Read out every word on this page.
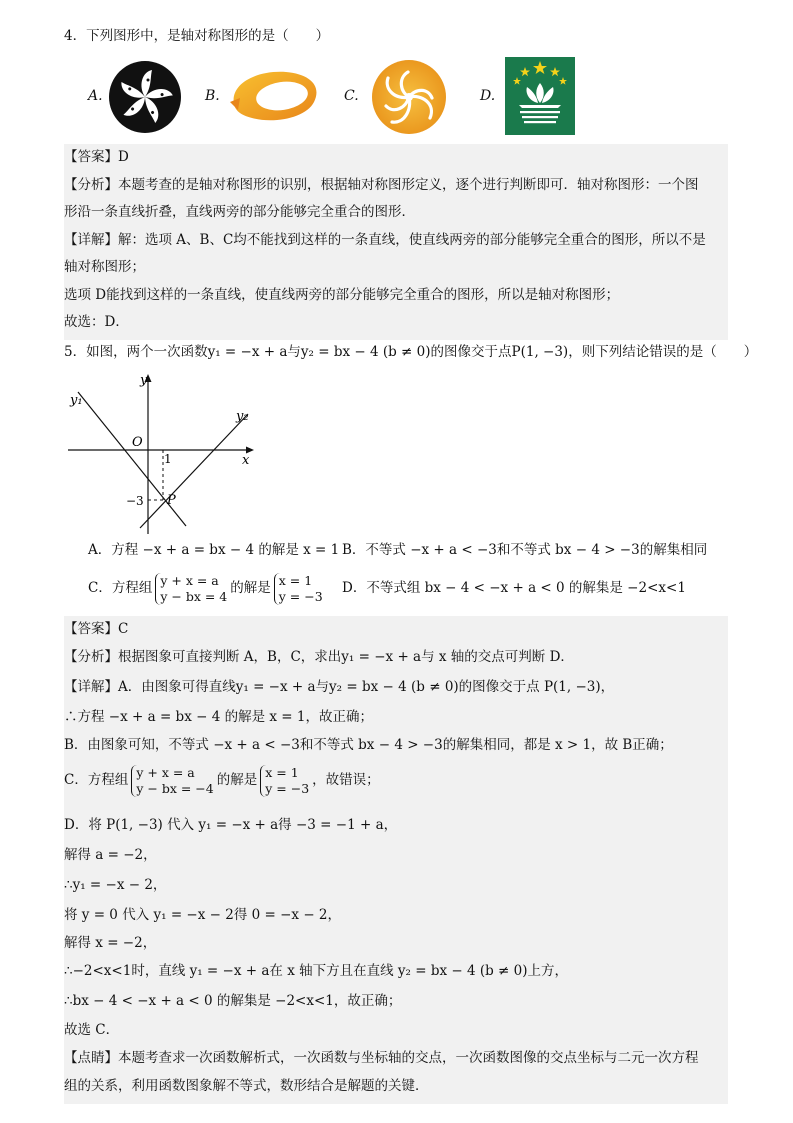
4．下列图形中，是轴对称图形的是（　　）
A.	B.	C.	D.
【答案】D
【分析】本题考查的是轴对称图形的识别，根据轴对称图形定义，逐个进行判断即可．轴对称图形：一个图
形沿一条直线折叠，直线两旁的部分能够完全重合的图形．
【详解】解：选项 A、B、C均不能找到这样的一条直线，使直线两旁的部分能够完全重合的图形，所以不是
轴对称图形；
选项 D能找到这样的一条直线，使直线两旁的部分能够完全重合的图形，所以是轴对称图形；
故选：D．
5．如图，两个一次函数y₁ = −x + a与y₂ = bx − 4 (b ≠ 0)的图像交于点P(1, −3)，则下列结论错误的是（　　）
y
x
O
y₁
y₂
1
−3 P
A．方程 −x + a = bx − 4 的解是 x = 1 B．不等式 −x + a < −3和不等式 bx − 4 > −3的解集相同
C．方程组 y + x = a
y − bx = 4 的解是 x = 1
y = −3 D．不等式组 bx − 4 < −x + a < 0 的解集是 −2<x<1
【答案】C
【分析】根据图象可直接判断 A，B，C，求出y₁ = −x + a与 x 轴的交点可判断 D．
【详解】A．由图象可得直线y₁ = −x + a与y₂ = bx − 4 (b ≠ 0)的图像交于点 P(1, −3)，
∴方程 −x + a = bx − 4 的解是 x = 1，故正确；
B．由图象可知，不等式 −x + a < −3和不等式 bx − 4 > −3的解集相同，都是 x > 1，故 B正确；
C．方程组 y + x = a
y − bx = −4 的解是 x = 1
y = −3 ，故错误；
D．将 P(1, −3) 代入 y₁ = −x + a得 −3 = −1 + a，
解得 a = −2，
∴y₁ = −x − 2，
将 y = 0 代入 y₁ = −x − 2得 0 = −x − 2，
解得 x = −2，
∴−2<x<1时，直线 y₁ = −x + a在 x 轴下方且在直线 y₂ = bx − 4 (b ≠ 0)上方，
∴bx − 4 < −x + a < 0 的解集是 −2<x<1，故正确；
故选 C．
【点睛】本题考查求一次函数解析式，一次函数与坐标轴的交点，一次函数图像的交点坐标与二元一次方程
组的关系，利用函数图象解不等式，数形结合是解题的关键．
